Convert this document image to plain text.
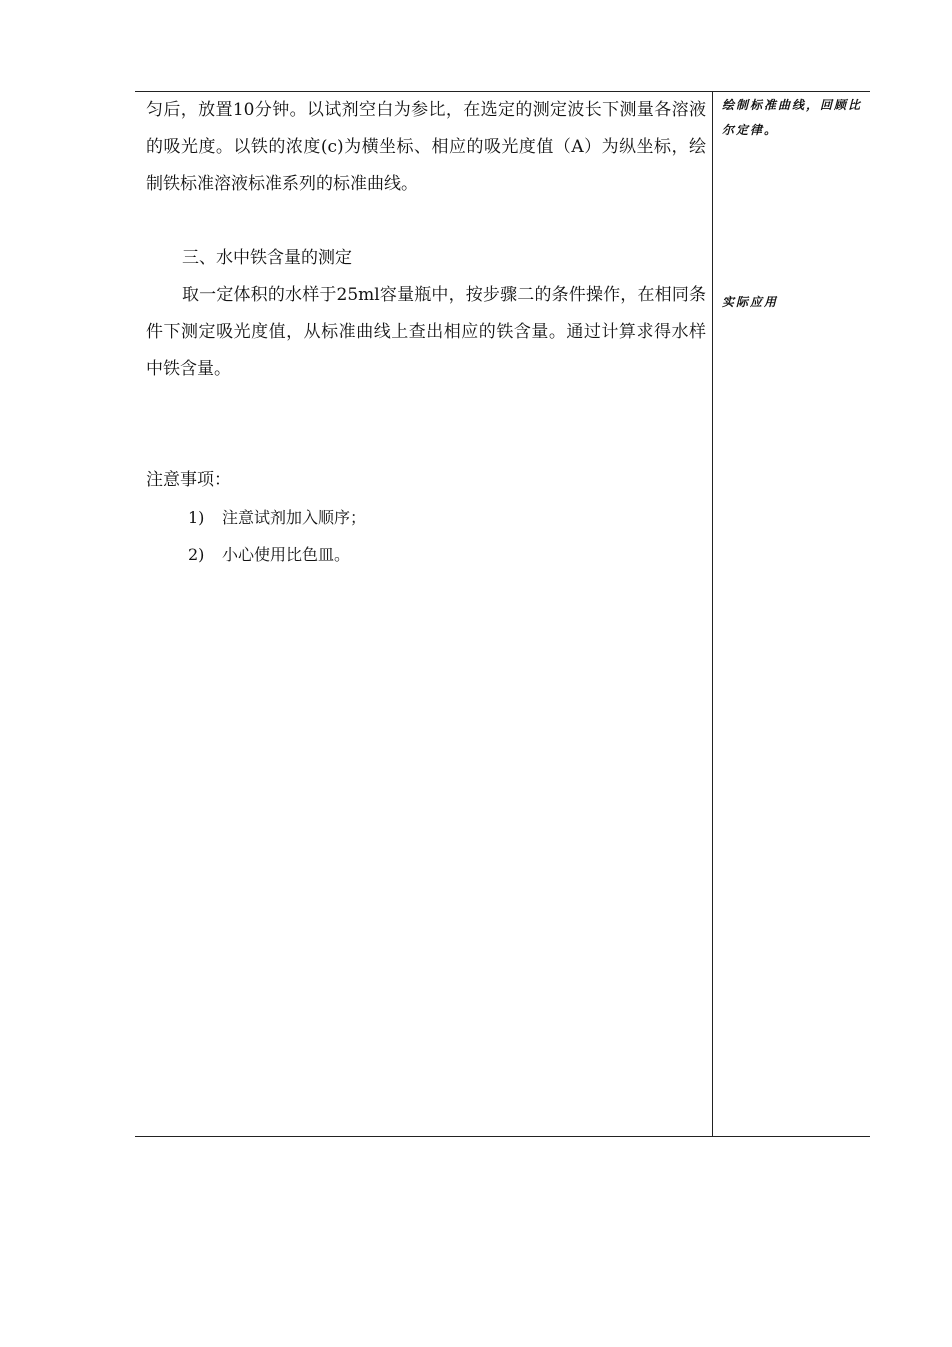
匀后，放置10分钟。以试剂空白为参比，在选定的测定波长下测量各溶液的吸光度。以铁的浓度(c)为横坐标、相应的吸光度值（A）为纵坐标，绘制铁标准溶液标准系列的标准曲线。

三、水中铁含量的测定

取一定体积的水样于25ml容量瓶中，按步骤二的条件操作，在相同条件下测定吸光度值，从标准曲线上查出相应的铁含量。通过计算求得水样中铁含量。

注意事项：

1) 注意试剂加入顺序；

2) 小心使用比色皿。

绘制标准曲线，回顾比尔定律。
实际应用
